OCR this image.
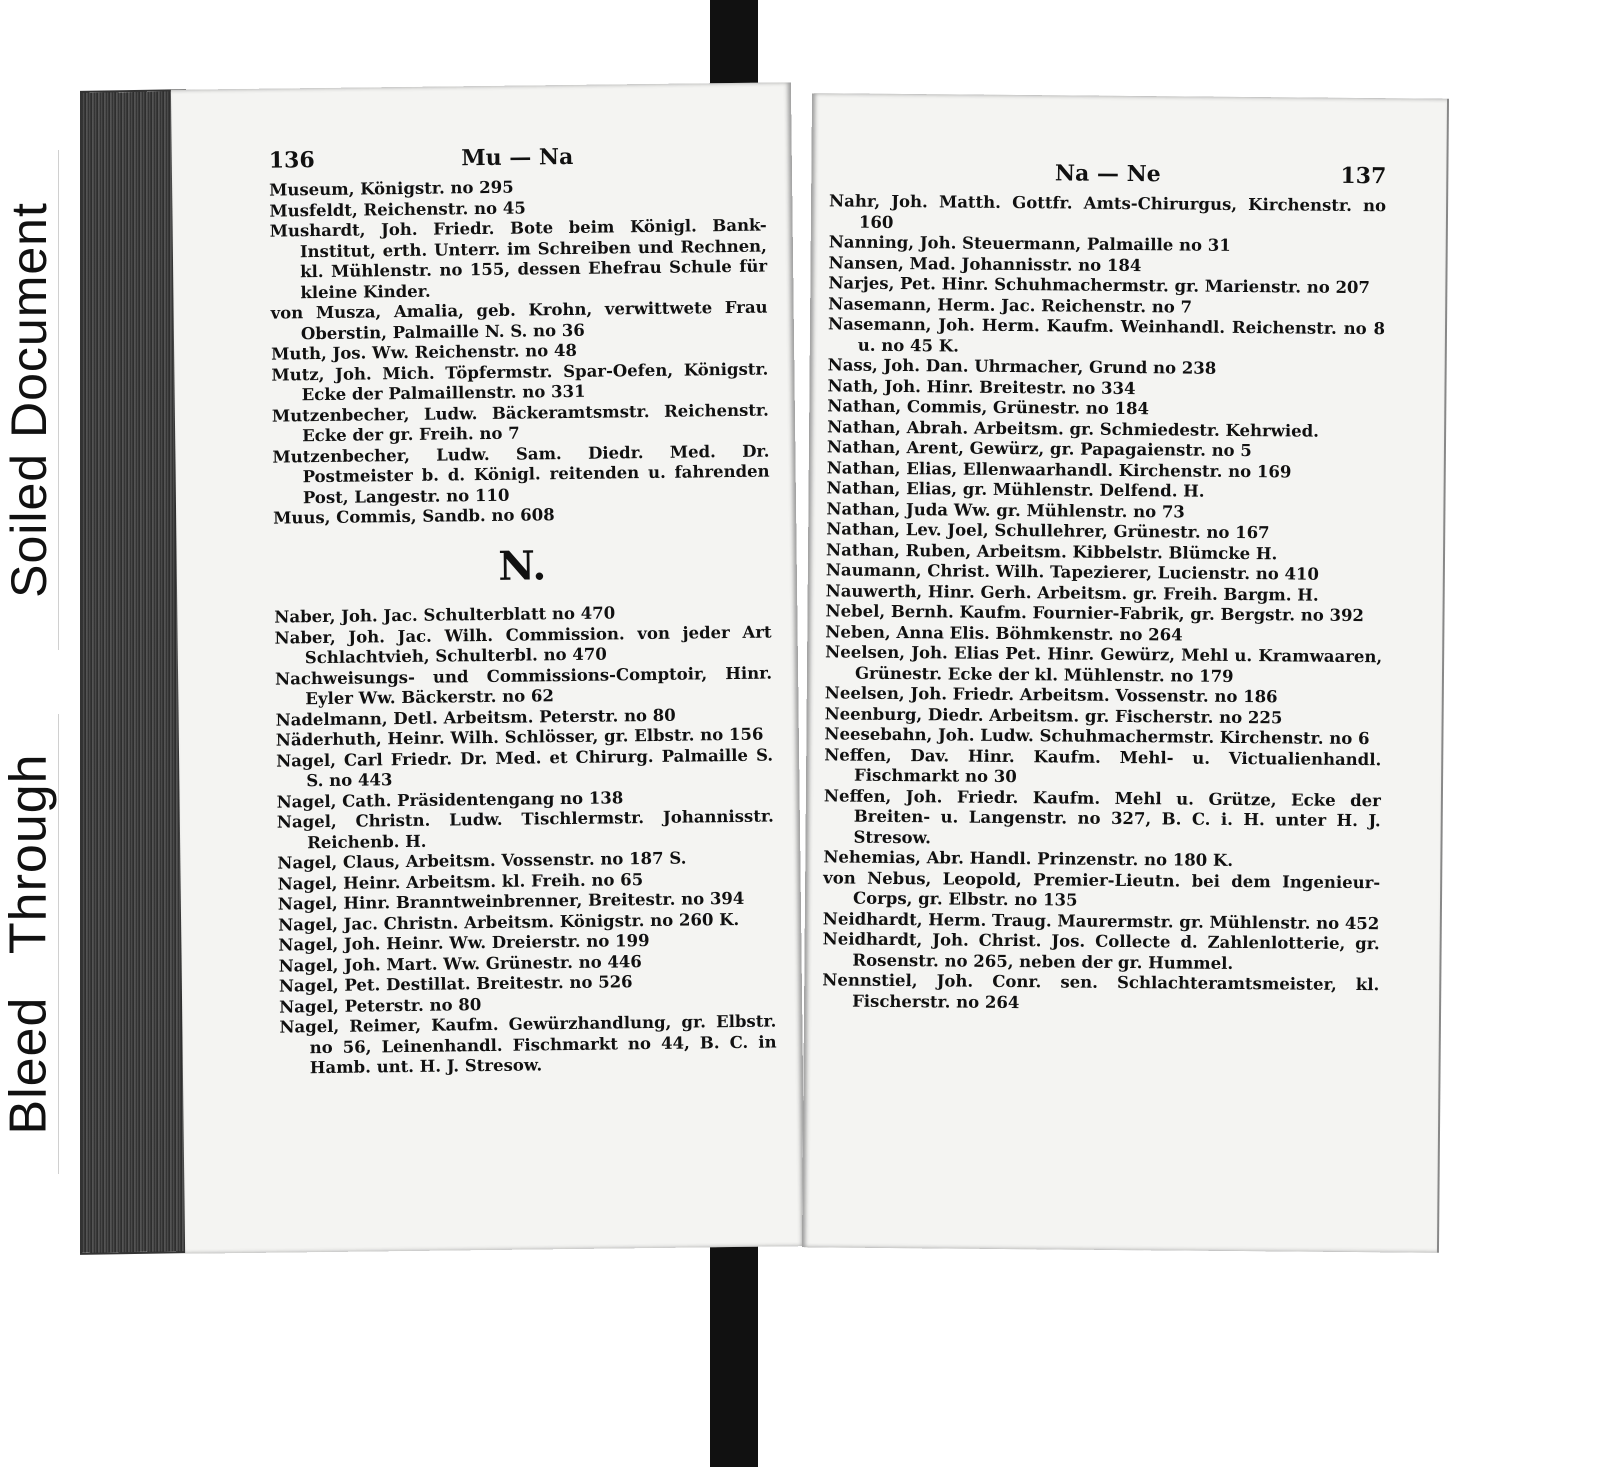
Soiled Document
Bleed Through
136	Mu — Na
Museum, Königstr. no 295
Musfeldt, Reichenstr. no 45
Mushardt, Joh. Friedr. Bote beim Königl. Bank-Institut, erth. Unterr. im Schreiben und Rechnen, kl. Mühlenstr. no 155, dessen Ehefrau Schule für kleine Kinder.
von Musza, Amalia, geb. Krohn, verwittwete Frau Oberstin, Palmaille N. S. no 36
Muth, Jos. Ww. Reichenstr. no 48
Mutz, Joh. Mich. Töpfermstr. Spar-Oefen, Königstr. Ecke der Palmaillenstr. no 331
Mutzenbecher, Ludw. Bäckeramtsmstr. Reichenstr. Ecke der gr. Freih. no 7
Mutzenbecher, Ludw. Sam. Diedr. Med. Dr. Postmeister b. d. Königl. reitenden u. fahrenden Post, Langestr. no 110
Muus, Commis, Sandb. no 608
N.
Naber, Joh. Jac. Schulterblatt no 470
Naber, Joh. Jac. Wilh. Commission. von jeder Art Schlachtvieh, Schulterbl. no 470
Nachweisungs- und Commissions-Comptoir, Hinr. Eyler Ww. Bäckerstr. no 62
Nadelmann, Detl. Arbeitsm. Peterstr. no 80
Näderhuth, Heinr. Wilh. Schlösser, gr. Elbstr. no 156
Nagel, Carl Friedr. Dr. Med. et Chirurg. Palmaille S. S. no 443
Nagel, Cath. Präsidentengang no 138
Nagel, Christn. Ludw. Tischlermstr. Johannisstr. Reichenb. H.
Nagel, Claus, Arbeitsm. Vossenstr. no 187 S.
Nagel, Heinr. Arbeitsm. kl. Freih. no 65
Nagel, Hinr. Branntweinbrenner, Breitestr. no 394
Nagel, Jac. Christn. Arbeitsm. Königstr. no 260 K.
Nagel, Joh. Heinr. Ww. Dreierstr. no 199
Nagel, Joh. Mart. Ww. Grünestr. no 446
Nagel, Pet. Destillat. Breitestr. no 526
Nagel, Peterstr. no 80
Nagel, Reimer, Kaufm. Gewürzhandlung, gr. Elbstr. no 56, Leinenhandl. Fischmarkt no 44, B. C. in Hamb. unt. H. J. Stresow.
Na — Ne	137
Nahr, Joh. Matth. Gottfr. Amts-Chirurgus, Kirchenstr. no 160
Nanning, Joh. Steuermann, Palmaille no 31
Nansen, Mad. Johannisstr. no 184
Narjes, Pet. Hinr. Schuhmachermstr. gr. Marienstr. no 207
Nasemann, Herm. Jac. Reichenstr. no 7
Nasemann, Joh. Herm. Kaufm. Weinhandl. Reichenstr. no 8 u. no 45 K.
Nass, Joh. Dan. Uhrmacher, Grund no 238
Nath, Joh. Hinr. Breitestr. no 334
Nathan, Commis, Grünestr. no 184
Nathan, Abrah. Arbeitsm. gr. Schmiedestr. Kehrwied.
Nathan, Arent, Gewürz, gr. Papagaienstr. no 5
Nathan, Elias, Ellenwaarhandl. Kirchenstr. no 169
Nathan, Elias, gr. Mühlenstr. Delfend. H.
Nathan, Juda Ww. gr. Mühlenstr. no 73
Nathan, Lev. Joel, Schullehrer, Grünestr. no 167
Nathan, Ruben, Arbeitsm. Kibbelstr. Blümcke H.
Naumann, Christ. Wilh. Tapezierer, Lucienstr. no 410
Nauwerth, Hinr. Gerh. Arbeitsm. gr. Freih. Bargm. H.
Nebel, Bernh. Kaufm. Fournier-Fabrik, gr. Bergstr. no 392
Neben, Anna Elis. Böhmkenstr. no 264
Neelsen, Joh. Elias Pet. Hinr. Gewürz, Mehl u. Kramwaaren, Grünestr. Ecke der kl. Mühlenstr. no 179
Neelsen, Joh. Friedr. Arbeitsm. Vossenstr. no 186
Neenburg, Diedr. Arbeitsm. gr. Fischerstr. no 225
Neesebahn, Joh. Ludw. Schuhmachermstr. Kirchenstr. no 6
Neffen, Dav. Hinr. Kaufm. Mehl- u. Victualienhandl. Fischmarkt no 30
Neffen, Joh. Friedr. Kaufm. Mehl u. Grütze, Ecke der Breiten- u. Langenstr. no 327, B. C. i. H. unter H. J. Stresow.
Nehemias, Abr. Handl. Prinzenstr. no 180 K.
von Nebus, Leopold, Premier-Lieutn. bei dem Ingenieur-Corps, gr. Elbstr. no 135
Neidhardt, Herm. Traug. Maurermstr. gr. Mühlenstr. no 452
Neidhardt, Joh. Christ. Jos. Collecte d. Zahlenlotterie, gr. Rosenstr. no 265, neben der gr. Hummel.
Nennstiel, Joh. Conr. sen. Schlachteramtsmeister, kl. Fischerstr. no 264
